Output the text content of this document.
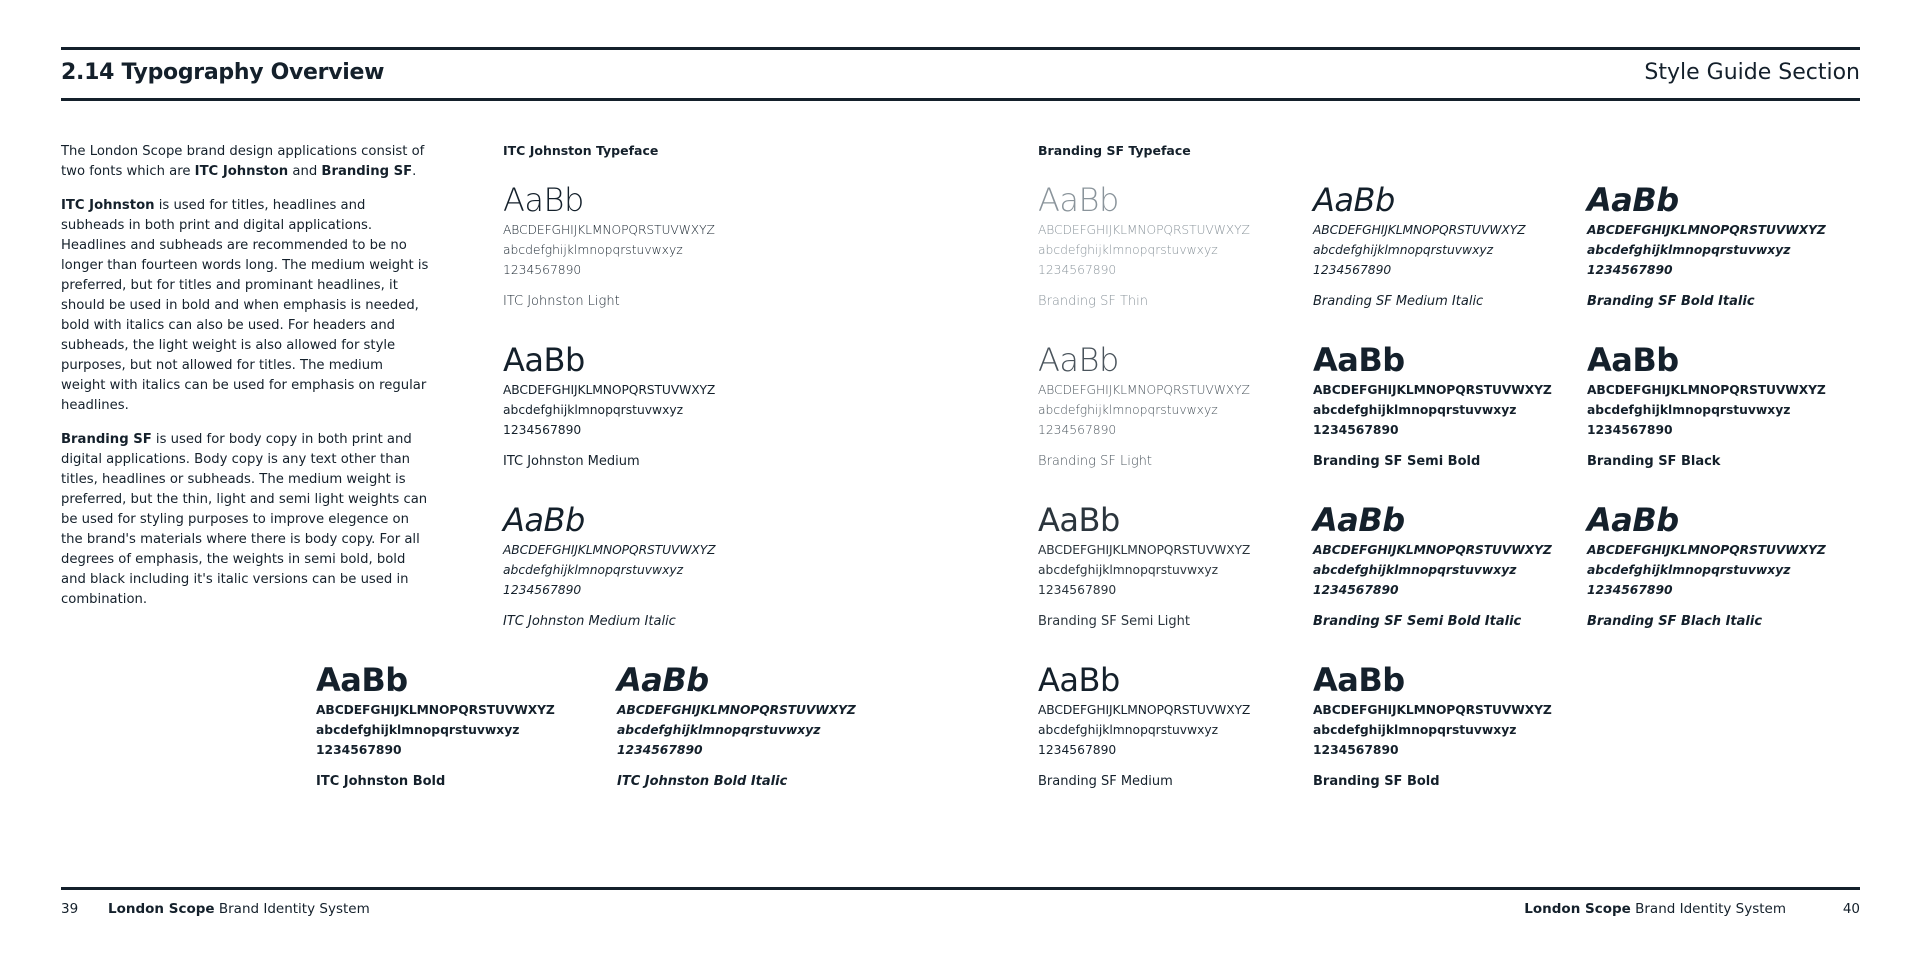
2.14 Typography Overview	Style Guide Section

The London Scope brand design applications consist of two fonts which are ITC Johnston and Branding SF.

ITC Johnston is used for titles, headlines and subheads in both print and digital applications. Headlines and subheads are recommended to be no longer than fourteen words long. The medium weight is preferred, but for titles and prominant headlines, it should be used in bold and when emphasis is needed, bold with italics can also be used. For headers and subheads, the light weight is also allowed for style purposes, but not allowed for titles. The medium weight with italics can be used for emphasis on regular headlines.

Branding SF is used for body copy in both print and digital applications. Body copy is any text other than titles, headlines or subheads. The medium weight is preferred, but the thin, light and semi light weights can be used for styling purposes to improve elegence on the brand's materials where there is body copy. For all degrees of emphasis, the weights in semi bold, bold and black including it's italic versions can be used in combination.

ITC Johnston Typeface	Branding SF Typeface
AaBb
ABCDEFGHIJKLMNOPQRSTUVWXYZ
abcdefghijklmnopqrstuvwxyz
1234567890
ITC Johnston Light
AaBb
ABCDEFGHIJKLMNOPQRSTUVWXYZ
abcdefghijklmnopqrstuvwxyz
1234567890
ITC Johnston Medium
AaBb
ABCDEFGHIJKLMNOPQRSTUVWXYZ
abcdefghijklmnopqrstuvwxyz
1234567890
ITC Johnston Medium Italic
AaBb
ABCDEFGHIJKLMNOPQRSTUVWXYZ
abcdefghijklmnopqrstuvwxyz
1234567890
ITC Johnston Bold
AaBb
ABCDEFGHIJKLMNOPQRSTUVWXYZ
abcdefghijklmnopqrstuvwxyz
1234567890
ITC Johnston Bold Italic
AaBb
ABCDEFGHIJKLMNOPQRSTUVWXYZ
abcdefghijklmnopqrstuvwxyz
1234567890
Branding SF Thin
AaBb
ABCDEFGHIJKLMNOPQRSTUVWXYZ
abcdefghijklmnopqrstuvwxyz
1234567890
Branding SF Light
AaBb
ABCDEFGHIJKLMNOPQRSTUVWXYZ
abcdefghijklmnopqrstuvwxyz
1234567890
Branding SF Semi Light
AaBb
ABCDEFGHIJKLMNOPQRSTUVWXYZ
abcdefghijklmnopqrstuvwxyz
1234567890
Branding SF Medium
AaBb
ABCDEFGHIJKLMNOPQRSTUVWXYZ
abcdefghijklmnopqrstuvwxyz
1234567890
Branding SF Medium Italic
AaBb
ABCDEFGHIJKLMNOPQRSTUVWXYZ
abcdefghijklmnopqrstuvwxyz
1234567890
Branding SF Semi Bold
AaBb
ABCDEFGHIJKLMNOPQRSTUVWXYZ
abcdefghijklmnopqrstuvwxyz
1234567890
Branding SF Semi Bold Italic
AaBb
ABCDEFGHIJKLMNOPQRSTUVWXYZ
abcdefghijklmnopqrstuvwxyz
1234567890
Branding SF Bold
AaBb
ABCDEFGHIJKLMNOPQRSTUVWXYZ
abcdefghijklmnopqrstuvwxyz
1234567890
Branding SF Bold Italic
AaBb
ABCDEFGHIJKLMNOPQRSTUVWXYZ
abcdefghijklmnopqrstuvwxyz
1234567890
Branding SF Black
AaBb
ABCDEFGHIJKLMNOPQRSTUVWXYZ
abcdefghijklmnopqrstuvwxyz
1234567890
Branding SF Blach Italic
39 London Scope Brand Identity System	London Scope Brand Identity System	40
